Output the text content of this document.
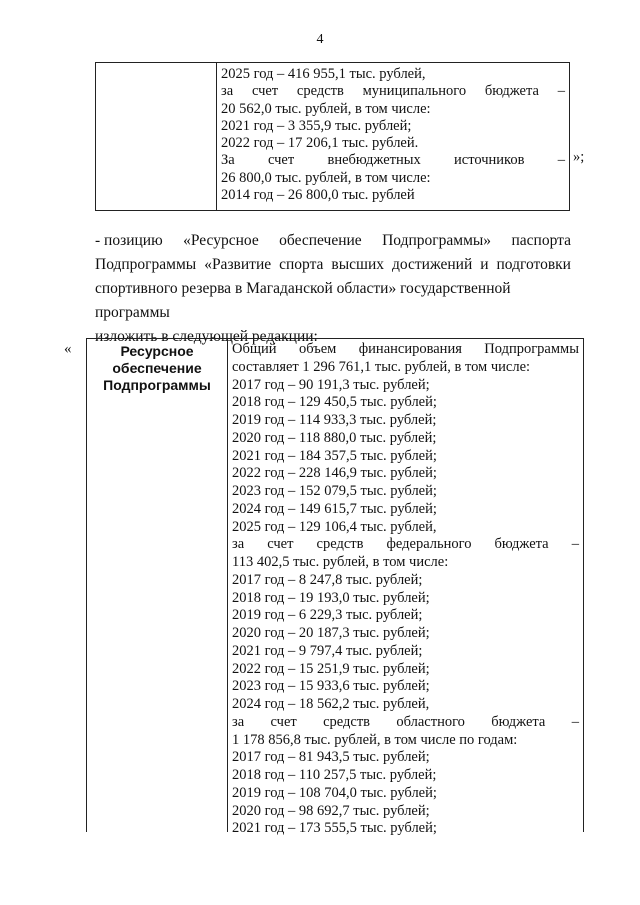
4
2025 год – 416 955,1 тыс. рублей,
за счет средств муниципального бюджета –
20 562,0 тыс. рублей, в том числе:
2021 год – 3 355,9 тыс. рублей;
2022 год – 17 206,1 тыс. рублей.
За счет внебюджетных источников –
26 800,0 тыс. рублей, в том числе:
2014 год – 26 800,0 тыс. рублей
»;
- позицию «Ресурсное обеспечение Подпрограммы» паспорта
Подпрограммы «Развитие спорта высших достижений и подготовки
спортивного резерва в Магаданской области» государственной программы
изложить в следующей редакции:
«	Ресурсное
обеспечение
Подпрограммы
Общий объем финансирования Подпрограммы
составляет 1 296 761,1 тыс. рублей, в том числе:
2017 год – 90 191,3 тыс. рублей;
2018 год – 129 450,5 тыс. рублей;
2019 год – 114 933,3 тыс. рублей;
2020 год – 118 880,0 тыс. рублей;
2021 год – 184 357,5 тыс. рублей;
2022 год – 228 146,9 тыс. рублей;
2023 год – 152 079,5 тыс. рублей;
2024 год – 149 615,7 тыс. рублей;
2025 год – 129 106,4 тыс. рублей,
за счет средств федерального бюджета –
113 402,5 тыс. рублей, в том числе:
2017 год – 8 247,8 тыс. рублей;
2018 год – 19 193,0 тыс. рублей;
2019 год – 6 229,3 тыс. рублей;
2020 год – 20 187,3 тыс. рублей;
2021 год – 9 797,4 тыс. рублей;
2022 год – 15 251,9 тыс. рублей;
2023 год – 15 933,6 тыс. рублей;
2024 год – 18 562,2 тыс. рублей,
за счет средств областного бюджета –
1 178 856,8 тыс. рублей, в том числе по годам:
2017 год – 81 943,5 тыс. рублей;
2018 год – 110 257,5 тыс. рублей;
2019 год – 108 704,0 тыс. рублей;
2020 год – 98 692,7 тыс. рублей;
2021 год – 173 555,5 тыс. рублей;
